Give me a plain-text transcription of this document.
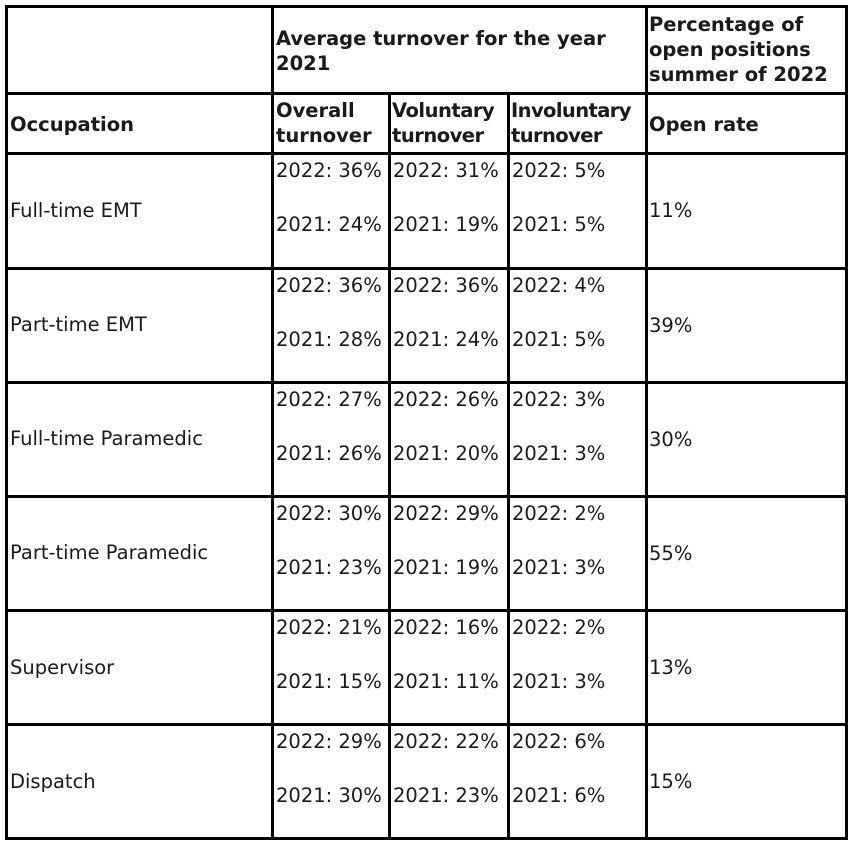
Average turnover for the year
2021
Percentage of
open positions
summer of 2022
Occupation
Overall
turnover
Voluntary
turnover
Involuntary
turnover	Open rate
Full-time EMT
2022: 36%
2021: 24%
2022: 31%
2021: 19%
2022: 5%
2021: 5%
11%
Part-time EMT
2022: 36%
2021: 28%
2022: 36%
2021: 24%
2022: 4%
2021: 5%
39%
Full-time Paramedic
2022: 27%
2021: 26%
2022: 26%
2021: 20%
2022: 3%
2021: 3%
30%
Part-time Paramedic
2022: 30%
2021: 23%
2022: 29%
2021: 19%
2022: 2%
2021: 3%
55%
Supervisor
2022: 21%
2021: 15%
2022: 16%
2021: 11%
2022: 2%
2021: 3%
13%
Dispatch
2022: 29%
2021: 30%
2022: 22%
2021: 23%
2022: 6%
2021: 6%
15%
